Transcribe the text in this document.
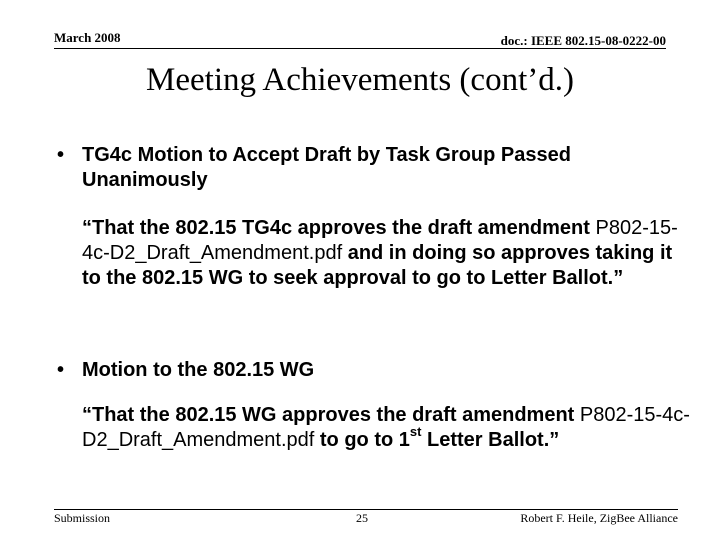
March 2008	doc.: IEEE 802.15-08-0222-00
Meeting Achievements (cont’d.)
• TG4c Motion to Accept Draft by Task Group Passed Unanimously
“That the 802.15 TG4c approves the draft amendment P802-15-4c-D2_Draft_Amendment.pdf and in doing so approves taking it to the 802.15 WG to seek approval to go to Letter Ballot.”
• Motion to the 802.15 WG
“That the 802.15 WG approves the draft amendment P802-15-4c-D2_Draft_Amendment.pdf to go to 1st Letter Ballot.”
Submission	25	Robert F. Heile, ZigBee Alliance
